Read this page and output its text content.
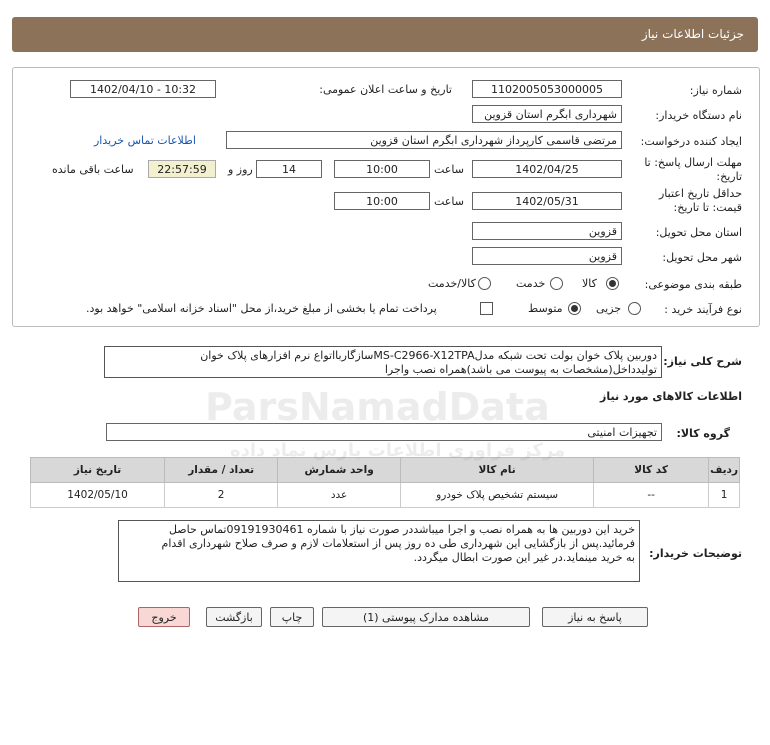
جزئیات اطلاعات نیاز
شماره نیاز:
1102005053000005
تاریخ و ساعت اعلان عمومی:
1402/04/10 - 10:32
نام دستگاه خریدار:
شهرداری ابگرم استان قزوین
ایجاد کننده درخواست:
مرتضی قاسمی کارپرداز شهرداری ابگرم استان قزوین
اطلاعات تماس خریدار
مهلت ارسال پاسخ: تا
تاریخ:
1402/04/25
ساعت
10:00
14
روز و
22:57:59
ساعت باقی مانده
حداقل تاریخ اعتبار
قیمت: تا تاریخ:
1402/05/31
ساعت
10:00
استان محل تحویل:
قزوین
شهر محل تحویل:
قزوین
طبقه بندی موضوعی:
کالا
خدمت
کالا/خدمت
نوع فرآیند خرید :
جزیی
متوسط
پرداخت تمام یا بخشی از مبلغ خرید،از محل "اسناد خزانه اسلامی" خواهد بود.
شرح کلی نیاز:
دوربین پلاک خوان بولت تحت شبکه مدلMS-C2966-X12TPAسازگاربااتواع نرم افزارهای پلاک خوان
تولیدداخل(مشخصات به پیوست می باشد)همراه نصب واجرا
اطلاعات کالاهای مورد نیاز
گروه کالا:
تجهیزات امنیتی
ردیف	کد کالا	نام کالا	واحد شمارش	تعداد / مقدار	تاریخ نیاز
1	--	سیستم تشخیص پلاک خودرو	عدد	2	1402/05/10
توضیحات خریدار:
خرید این دوربین ها به همراه نصب و اجرا میباشددر صورت نیاز با شماره 09191930461تماس حاصل
فرمائید.پس از بازگشایی این شهرداری طی ده روز پس از استعلامات لازم و صرف صلاح شهرداری اقدام
به خرید مینماید.در غیر این صورت ابطال میگردد.
پاسخ به نیاز
مشاهده مدارک پیوستی (1)
چاپ
بازگشت
خروج
ParsNamadData
مرکز فراوری اطلاعات پارس نماد داده
